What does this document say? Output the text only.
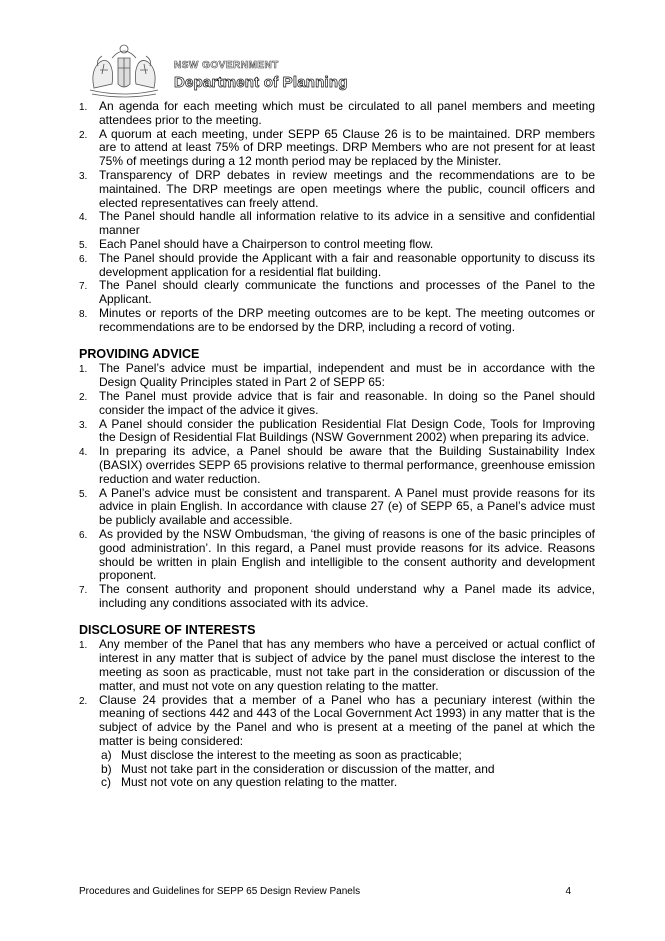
NSW GOVERNMENT
Department of Planning
1. An agenda for each meeting which must be circulated to all panel members and meeting attendees prior to the meeting.
2. A quorum at each meeting, under SEPP 65 Clause 26 is to be maintained. DRP members are to attend at least 75% of DRP meetings. DRP Members who are not present for at least 75% of meetings during a 12 month period may be replaced by the Minister.
3. Transparency of DRP debates in review meetings and the recommendations are to be maintained. The DRP meetings are open meetings where the public, council officers and elected representatives can freely attend.
4. The Panel should handle all information relative to its advice in a sensitive and confidential manner
5. Each Panel should have a Chairperson to control meeting flow.
6. The Panel should provide the Applicant with a fair and reasonable opportunity to discuss its development application for a residential flat building.
7. The Panel should clearly communicate the functions and processes of the Panel to the Applicant.
8. Minutes or reports of the DRP meeting outcomes are to be kept. The meeting outcomes or recommendations are to be endorsed by the DRP, including a record of voting.
PROVIDING ADVICE
1. The Panel’s advice must be impartial, independent and must be in accordance with the Design Quality Principles stated in Part 2 of SEPP 65:
2. The Panel must provide advice that is fair and reasonable. In doing so the Panel should consider the impact of the advice it gives.
3. A Panel should consider the publication Residential Flat Design Code, Tools for Improving the Design of Residential Flat Buildings (NSW Government 2002) when preparing its advice.
4. In preparing its advice, a Panel should be aware that the Building Sustainability Index (BASIX) overrides SEPP 65 provisions relative to thermal performance, greenhouse emission reduction and water reduction.
5. A Panel’s advice must be consistent and transparent. A Panel must provide reasons for its advice in plain English. In accordance with clause 27 (e) of SEPP 65, a Panel’s advice must be publicly available and accessible.
6. As provided by the NSW Ombudsman, ‘the giving of reasons is one of the basic principles of good administration’. In this regard, a Panel must provide reasons for its advice. Reasons should be written in plain English and intelligible to the consent authority and development proponent.
7. The consent authority and proponent should understand why a Panel made its advice, including any conditions associated with its advice.
DISCLOSURE OF INTERESTS
1. Any member of the Panel that has any members who have a perceived or actual conflict of interest in any matter that is subject of advice by the panel must disclose the interest to the meeting as soon as practicable, must not take part in the consideration or discussion of the matter, and must not vote on any question relating to the matter.
2. Clause 24 provides that a member of a Panel who has a pecuniary interest (within the meaning of sections 442 and 443 of the Local Government Act 1993) in any matter that is the subject of advice by the Panel and who is present at a meeting of the panel at which the matter is being considered:
a) Must disclose the interest to the meeting as soon as practicable;
b) Must not take part in the consideration or discussion of the matter, and
c) Must not vote on any question relating to the matter.
Procedures and Guidelines for SEPP 65 Design Review Panels	4
